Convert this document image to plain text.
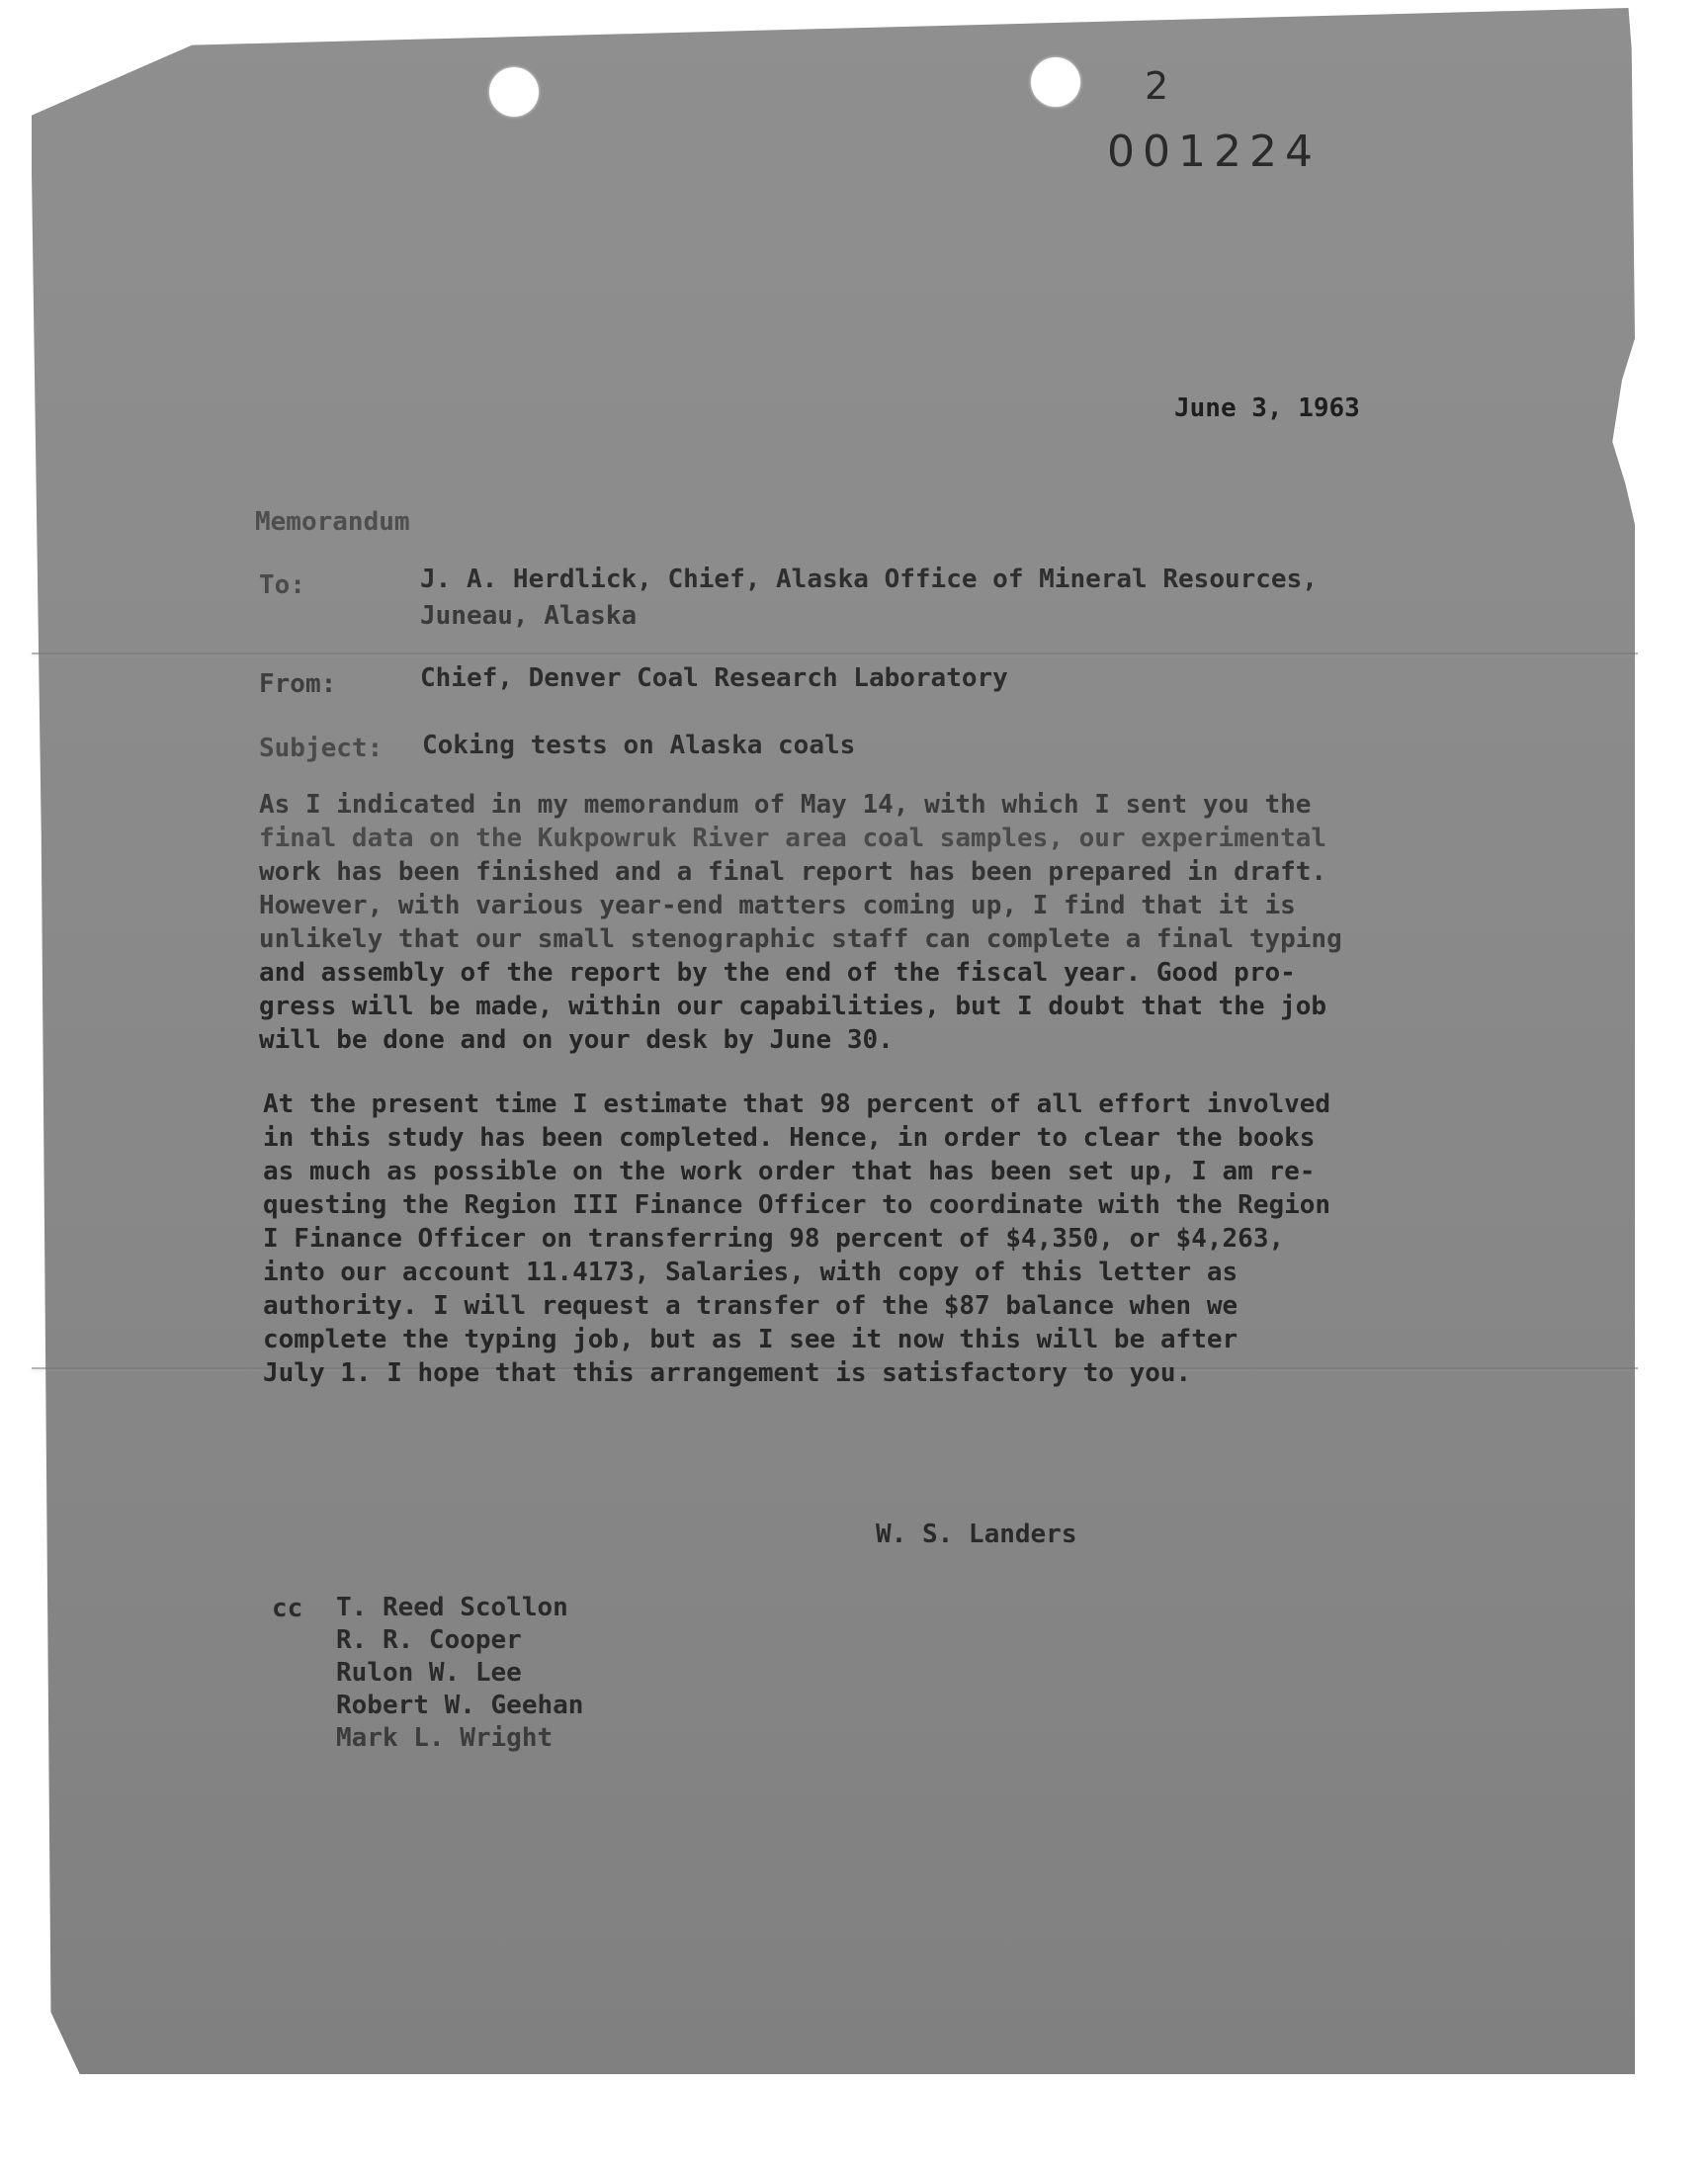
2
001224
June 3, 1963
Memorandum
To:	J. A. Herdlick, Chief, Alaska Office of Mineral Resources,
Juneau, Alaska
From:	Chief, Denver Coal Research Laboratory
Subject: Coking tests on Alaska coals
As I indicated in my memorandum of May 14, with which I sent you the
final data on the Kukpowruk River area coal samples, our experimental
work has been finished and a final report has been prepared in draft.
However, with various year-end matters coming up, I find that it is
unlikely that our small stenographic staff can complete a final typing
and assembly of the report by the end of the fiscal year. Good pro-
gress will be made, within our capabilities, but I doubt that the job
will be done and on your desk by June 30.
At the present time I estimate that 98 percent of all effort involved
in this study has been completed. Hence, in order to clear the books
as much as possible on the work order that has been set up, I am re-
questing the Region III Finance Officer to coordinate with the Region
I Finance Officer on transferring 98 percent of $4,350, or $4,263,
into our account 11.4173, Salaries, with copy of this letter as
authority. I will request a transfer of the $87 balance when we
complete the typing job, but as I see it now this will be after
July 1. I hope that this arrangement is satisfactory to you.
W. S. Landers
cc T. Reed Scollon
R. R. Cooper
Rulon W. Lee
Robert W. Geehan
Mark L. Wright
